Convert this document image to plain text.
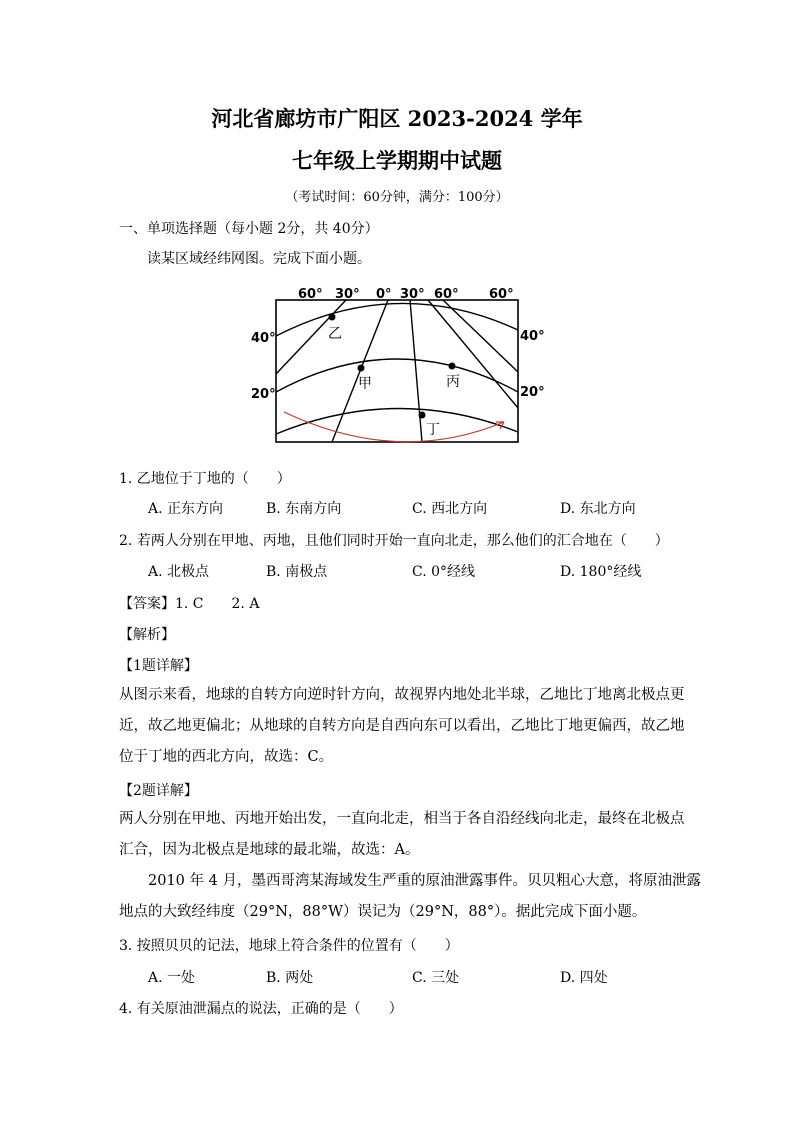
河北省廊坊市广阳区 2023-2024 学年
七年级上学期期中试题
（考试时间：60分钟，满分：100分）
一、单项选择题（每小题 2分，共 40分）
读某区域经纬网图。完成下面小题。
60° 30° 0° 30° 60° 60°
40°
20°
40°
20°
乙
甲	丙
丁
1. 乙地位于丁地的（　　）
A. 正东方向	B. 东南方向	C. 西北方向	D. 东北方向
2. 若两人分别在甲地、丙地，且他们同时开始一直向北走，那么他们的汇合地在（　　）
A. 北极点	B. 南极点	C. 0°经线	D. 180°经线
【答案】1. C　　2. A
【解析】
【1题详解】
从图示来看，地球的自转方向逆时针方向，故视界内地处北半球，乙地比丁地离北极点更
近，故乙地更偏北；从地球的自转方向是自西向东可以看出，乙地比丁地更偏西，故乙地
位于丁地的西北方向，故选：C。
【2题详解】
两人分别在甲地、丙地开始出发，一直向北走，相当于各自沿经线向北走，最终在北极点
汇合，因为北极点是地球的最北端，故选：A。
　　2010 年 4 月，墨西哥湾某海域发生严重的原油泄露事件。贝贝粗心大意，将原油泄露
地点的大致经纬度（29°N，88°W）误记为（29°N，88°）。据此完成下面小题。
3. 按照贝贝的记法，地球上符合条件的位置有（　　）
A. 一处	B. 两处	C. 三处	D. 四处
4. 有关原油泄漏点的说法，正确的是（　　）
